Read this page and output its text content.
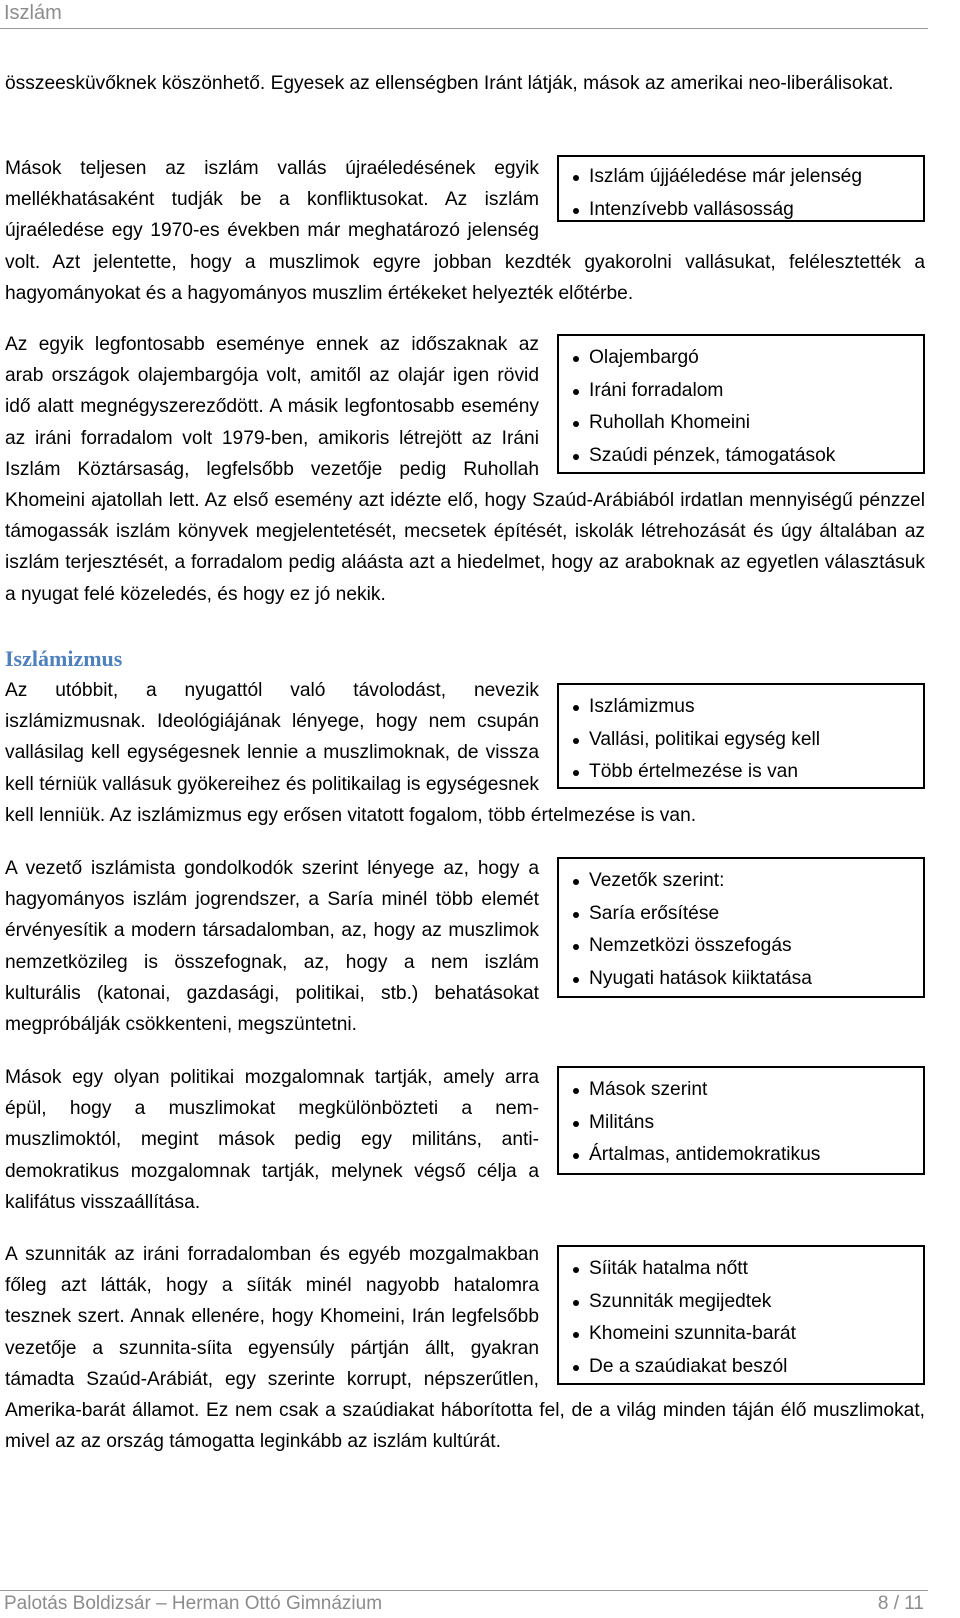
Iszlám
összeesküvőknek köszönhető. Egyesek az ellenségben Iránt látják, mások az amerikai neo-liberálisokat.
Iszlám újjáéledése már jelenség
Intenzívebb vallásosság
Mások teljesen az iszlám vallás újraéledésének egyik mellékhatásaként tudják be a konfliktusokat. Az iszlám újraéledése egy 1970-es években már meghatározó jelenség volt. Azt jelentette, hogy a muszlimok egyre jobban kezdték gyakorolni vallásukat, felélesztették a hagyományokat és a hagyományos muszlim értékeket helyezték előtérbe.
Olajembargó
Iráni forradalom
Ruhollah Khomeini
Szaúdi pénzek, támogatások
Az egyik legfontosabb eseménye ennek az időszaknak az arab országok olajembargója volt, amitől az olajár igen rövid idő alatt megnégyszereződött. A másik legfontosabb esemény az iráni forradalom volt 1979-ben, amikoris létrejött az Iráni Iszlám Köztársaság, legfelsőbb vezetője pedig Ruhollah Khomeini ajatollah lett. Az első esemény azt idézte elő, hogy Szaúd-Arábiából irdatlan mennyiségű pénzzel támogassák iszlám könyvek megjelentetését, mecsetek építését, iskolák létrehozását és úgy általában az iszlám terjesztését, a forradalom pedig aláásta azt a hiedelmet, hogy az araboknak az egyetlen választásuk a nyugat felé közeledés, és hogy ez jó nekik.
Iszlámizmus
Iszlámizmus
Vallási, politikai egység kell
Több értelmezése is van
Az utóbbit, a nyugattól való távolodást, nevezik iszlámizmusnak. Ideológiájának lényege, hogy nem csupán vallásilag kell egységesnek lennie a muszlimoknak, de vissza kell térniük vallásuk gyökereihez és politikailag is egységesnek kell lenniük. Az iszlámizmus egy erősen vitatott fogalom, több értelmezése is van.
Vezetők szerint:
Saría erősítése
Nemzetközi összefogás
Nyugati hatások kiiktatása
A vezető iszlámista gondolkodók szerint lényege az, hogy a hagyományos iszlám jogrendszer, a Saría minél több elemét érvényesítik a modern társadalomban, az, hogy az muszlimok nemzetközileg is összefognak, az, hogy a nem iszlám kulturális (katonai, gazdasági, politikai, stb.) behatásokat megpróbálják csökkenteni, megszüntetni.
Mások szerint
Militáns
Ártalmas, antidemokratikus
Mások egy olyan politikai mozgalomnak tartják, amely arra épül, hogy a muszlimokat megkülönbözteti a nem-muszlimoktól, megint mások pedig egy militáns, anti-demokratikus mozgalomnak tartják, melynek végső célja a kalifátus visszaállítása.
Síiták hatalma nőtt
Szunniták megijedtek
Khomeini szunnita-barát
De a szaúdiakat beszól
A szunniták az iráni forradalomban és egyéb mozgalmakban főleg azt látták, hogy a síiták minél nagyobb hatalomra tesznek szert. Annak ellenére, hogy Khomeini, Irán legfelsőbb vezetője a szunnita-síita egyensúly pártján állt, gyakran támadta Szaúd-Arábiát, egy szerinte korrupt, népszerűtlen, Amerika-barát államot. Ez nem csak a szaúdiakat háborította fel, de a világ minden táján élő muszlimokat, mivel az az ország támogatta leginkább az iszlám kultúrát.
Palotás Boldizsár – Herman Ottó Gimnázium	8 / 11
